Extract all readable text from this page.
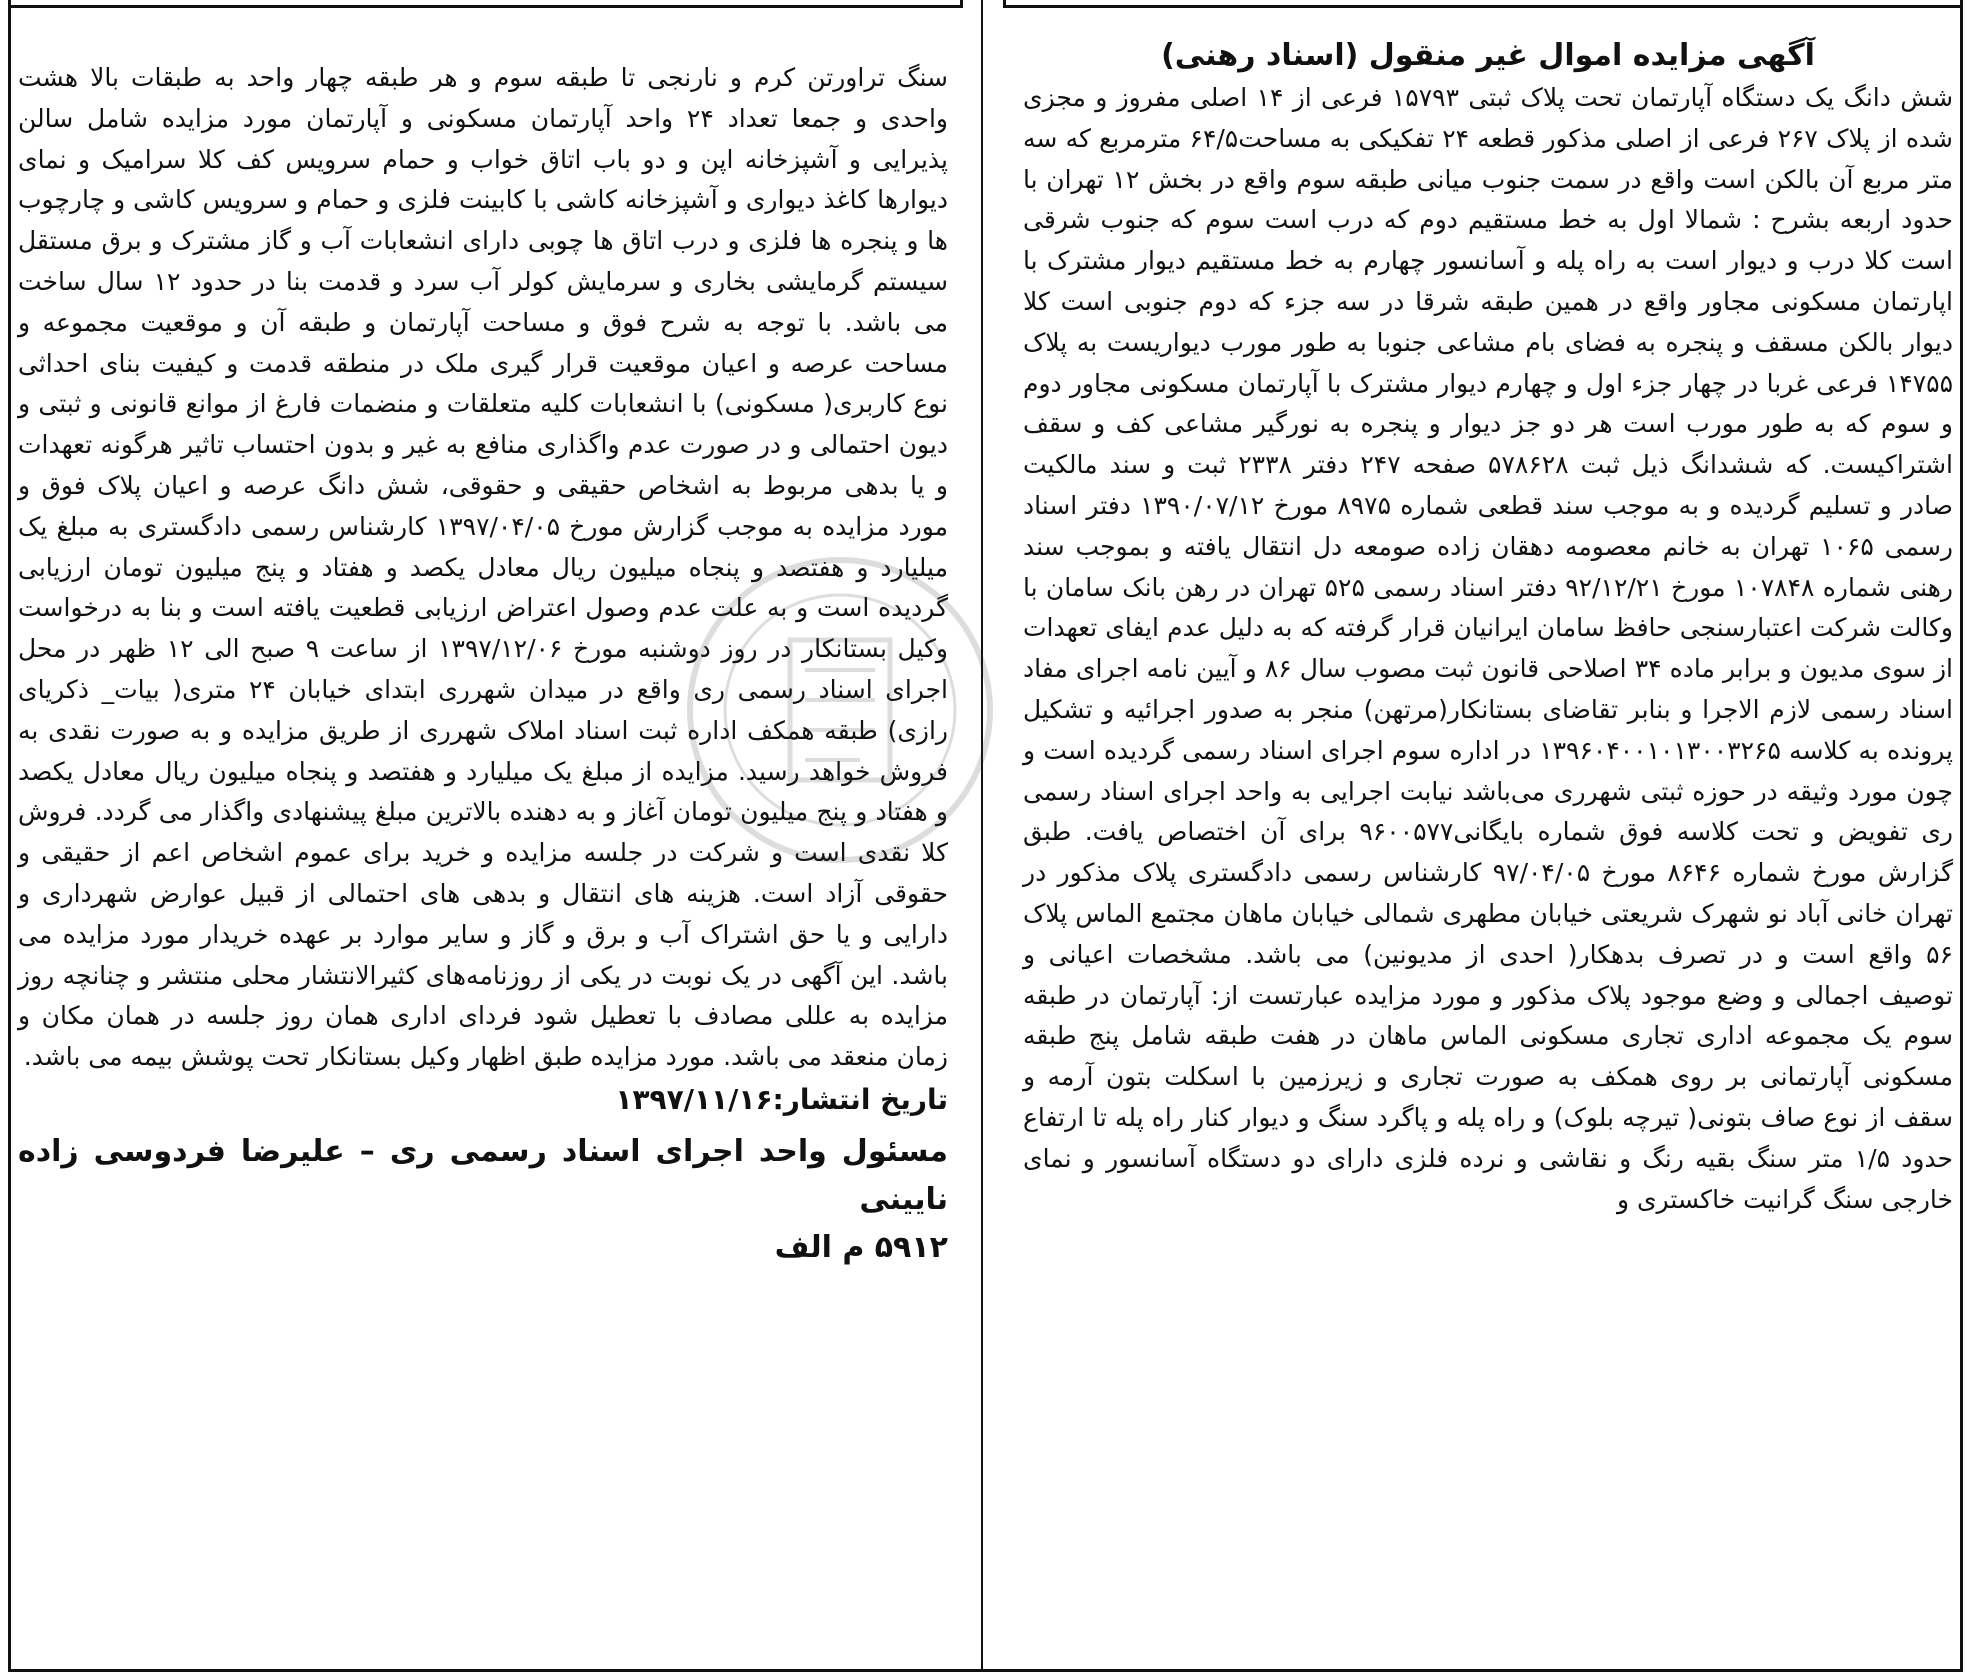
آگهی مزایده اموال غیر منقول (اسناد رهنی)

شش دانگ یک دستگاه آپارتمان تحت پلاک ثبتی ۱۵۷۹۳ فرعی از ۱۴ اصلی مفروز و مجزی شده از پلاک ۲۶۷ فرعی از اصلی مذکور قطعه ۲۴ تفکیکی به مساحت۶۴/۵ مترمربع که سه متر مربع آن بالکن است واقع در سمت جنوب میانی طبقه سوم واقع در بخش ۱۲ تهران با حدود اربعه بشرح : شمالا اول به خط مستقیم دوم که درب است سوم که جنوب شرقی است کلا درب و دیوار است به راه پله و آسانسور چهارم به خط مستقیم دیوار مشترک با اپارتمان مسکونی مجاور واقع در همین طبقه شرقا در سه جزء که دوم جنوبی است کلا دیوار بالکن مسقف و پنجره به فضای بام مشاعی جنوبا به طور مورب دیواریست به پلاک ۱۴۷۵۵ فرعی غربا در چهار جزء اول و چهارم دیوار مشترک با آپارتمان مسکونی مجاور دوم و سوم که به طور مورب است هر دو جز دیوار و پنجره به نورگیر مشاعی کف و سقف اشتراکیست. که ششدانگ ذیل ثبت ۵۷۸۶۲۸ صفحه ۲۴۷ دفتر ۲۳۳۸ ثبت و سند مالکیت صادر و تسلیم گردیده و به موجب سند قطعی شماره ۸۹۷۵ مورخ ۱۳۹۰/۰۷/۱۲ دفتر اسناد رسمی ۱۰۶۵ تهران به خانم معصومه دهقان زاده صومعه دل انتقال یافته و بموجب سند رهنی شماره ۱۰۷۸۴۸ مورخ ۹۲/۱۲/۲۱ دفتر اسناد رسمی ۵۲۵ تهران در رهن بانک سامان با وکالت شرکت اعتبارسنجی حافظ سامان ایرانیان قرار گرفته که به دلیل عدم ایفای تعهدات از سوی مدیون و برابر ماده ۳۴ اصلاحی قانون ثبت مصوب سال ۸۶ و آیین نامه اجرای مفاد اسناد رسمی لازم الاجرا و بنابر تقاضای بستانکار(مرتهن) منجر به صدور اجرائیه و تشکیل پرونده به کلاسه ۱۳۹۶۰۴۰۰۱۰۱۳۰۰۳۲۶۵ در اداره سوم اجرای اسناد رسمی گردیده است و چون مورد وثیقه در حوزه ثبتی شهرری می‌باشد نیابت اجرایی به واحد اجرای اسناد رسمی ری تفویض و تحت کلاسه فوق شماره بایگانی۹۶۰۰۵۷۷ برای آن اختصاص یافت. طبق گزارش مورخ شماره ۸۶۴۶ مورخ ۹۷/۰۴/۰۵ کارشناس رسمی دادگستری پلاک مذکور در تهران خانی آباد نو شهرک شریعتی خیابان مطهری شمالی خیابان ماهان مجتمع الماس پلاک ۵۶ واقع است و در تصرف بدهکار( احدی از مدیونین) می باشد. مشخصات اعیانی و توصیف اجمالی و وضع موجود پلاک مذکور و مورد مزایده عبارتست از: آپارتمان در طبقه سوم یک مجموعه اداری تجاری مسکونی الماس ماهان در هفت طبقه شامل پنج طبقه مسکونی آپارتمانی بر روی همکف به صورت تجاری و زیرزمین با اسکلت بتون آرمه و سقف از نوع صاف بتونی( تیرچه بلوک) و راه پله و پاگرد سنگ و دیوار کنار راه پله تا ارتفاع حدود ۱/۵ متر سنگ بقیه رنگ و نقاشی و نرده فلزی دارای دو دستگاه آسانسور و نمای خارجی سنگ گرانیت خاکستری و

سنگ تراورتن کرم و نارنجی تا طبقه سوم و هر طبقه چهار واحد به طبقات بالا هشت واحدی و جمعا تعداد ۲۴ واحد آپارتمان مسکونی و آپارتمان مورد مزایده شامل سالن پذیرایی و آشپزخانه اپن و دو باب اتاق خواب و حمام سرویس کف کلا سرامیک و نمای دیوارها کاغذ دیواری و آشپزخانه کاشی با کابینت فلزی و حمام و سرویس کاشی و چارچوب ها و پنجره ها فلزی و درب اتاق ها چوبی دارای انشعابات آب و گاز مشترک و برق مستقل سیستم گرمایشی بخاری و سرمایش کولر آب سرد و قدمت بنا در حدود ۱۲ سال ساخت می باشد. با توجه به شرح فوق و مساحت آپارتمان و طبقه آن و موقعیت مجموعه و مساحت عرصه و اعیان موقعیت قرار گیری ملک در منطقه قدمت و کیفیت بنای احداثی نوع کاربری( مسکونی) با انشعابات کلیه متعلقات و منضمات فارغ از موانع قانونی و ثبتی و دیون احتمالی و در صورت عدم واگذاری منافع به غیر و بدون احتساب تاثیر هرگونه تعهدات و یا بدهی مربوط به اشخاص حقیقی و حقوقی، شش دانگ عرصه و اعیان پلاک فوق و مورد مزایده به موجب گزارش مورخ ۱۳۹۷/۰۴/۰۵ کارشناس رسمی دادگستری به مبلغ یک میلیارد و هفتصد و پنجاه میلیون ریال معادل یکصد و هفتاد و پنج میلیون تومان ارزیابی گردیده است و به علت عدم وصول اعتراض ارزیابی قطعیت یافته است و بنا به درخواست وکیل بستانکار در روز دوشنبه مورخ ۱۳۹۷/۱۲/۰۶ از ساعت ۹ صبح الی ۱۲ ظهر در محل اجرای اسناد رسمی ری واقع در میدان شهرری ابتدای خیابان ۲۴ متری( بیات_ ذکریای رازی) طبقه همکف اداره ثبت اسناد املاک شهرری از طریق مزایده و به صورت نقدی به فروش خواهد رسید. مزایده از مبلغ یک میلیارد و هفتصد و پنجاه میلیون ریال معادل یکصد و هفتاد و پنج میلیون تومان آغاز و به دهنده بالاترین مبلغ پیشنهادی واگذار می گردد. فروش کلا نقدی است و شرکت در جلسه مزایده و خرید برای عموم اشخاص اعم از حقیقی و حقوقی آزاد است. هزینه های انتقال و بدهی های احتمالی از قبیل عوارض شهرداری و دارایی و یا حق اشتراک آب و برق و گاز و سایر موارد بر عهده خریدار مورد مزایده می باشد. این آگهی در یک نوبت در یکی از روزنامه‌های کثیرالانتشار محلی منتشر و چنانچه روز مزایده به عللی مصادف با تعطیل شود فردای اداری همان روز جلسه در همان مکان و زمان منعقد می باشد. مورد مزایده طبق اظهار وکیل بستانکار تحت پوشش بیمه می باشد.

تاریخ انتشار:۱۳۹۷/۱۱/۱۶

مسئول واحد اجرای اسناد رسمی ری – علیرضا فردوسی زاده نایینی

۵۹۱۲ م الف
